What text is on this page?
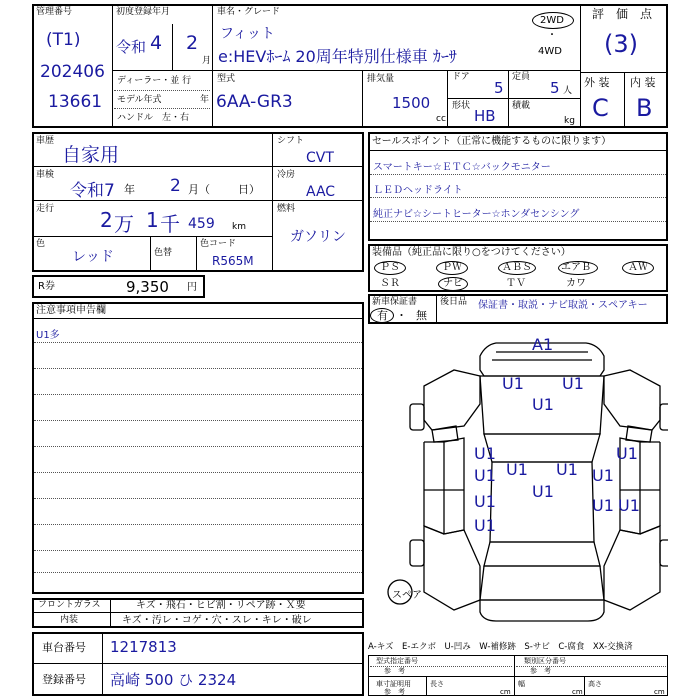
管理番号
(T1)
202406
13661
初度登録年月
令和 4 2
月
ディーラー・並 行
モデル年式	年
ハンドル　左・右
車名・グレード
フィット
e:HEVﾎｰﾑ 20周年特別仕様車 ｶｰｻ
2WD
・
4WD
型式
6AA-GR3
排気量
1500
cc
ドア
5
定員
5 人
形状
HB
積載
kg
評　価　点
(3)
外 装 内 装
C B
車歴
自家用
車検
令和7 年 2 月（	日）
走行 2 万 1 千 459 km
色
レッド	色替
色コード
R565M
シフト
CVT
冷房
AAC
燃料
ガソリン
R券	9,350 円
セールスポイント（正常に機能するものに限ります）
スマートキー☆ＥＴＣ☆バックモニター
ＬＥＤヘッドライト
純正ナビ☆シートヒーター☆ホンダセンシング
装備品（純正品に限り○をつけてください）
ＰＳ	ＰＷ	ＡＢＳ	エアＢ	ＡＷ
ＳＲ	ナビ	ＴＶ	カワ
新車保証書
有 ・ 無
後日品 保証書・取説・ナビ取説・スペアキー
注意事項申告欄
U1多	A1
U1 U1
U1
U1	U1
U1 U1 U1 U1
U1
U1
U1 U1
U1
スペア
フロントガラス	キズ・飛石・ヒビ割・リペア跡・Ｘ要
内装	キズ・汚レ・コゲ・穴・スレ・キレ・破レ
車台番号 1217813
登録番号 高崎 500 ひ 2324
A-キズ　E-エクボ　U-凹み　W-補修跡　S-サビ　C-腐食　XX-交換済
型式指定番号
参　考
類別区分番号
参　考
車寸証明用
参　考
長さ
cm
幅
cm
高さ
cm
